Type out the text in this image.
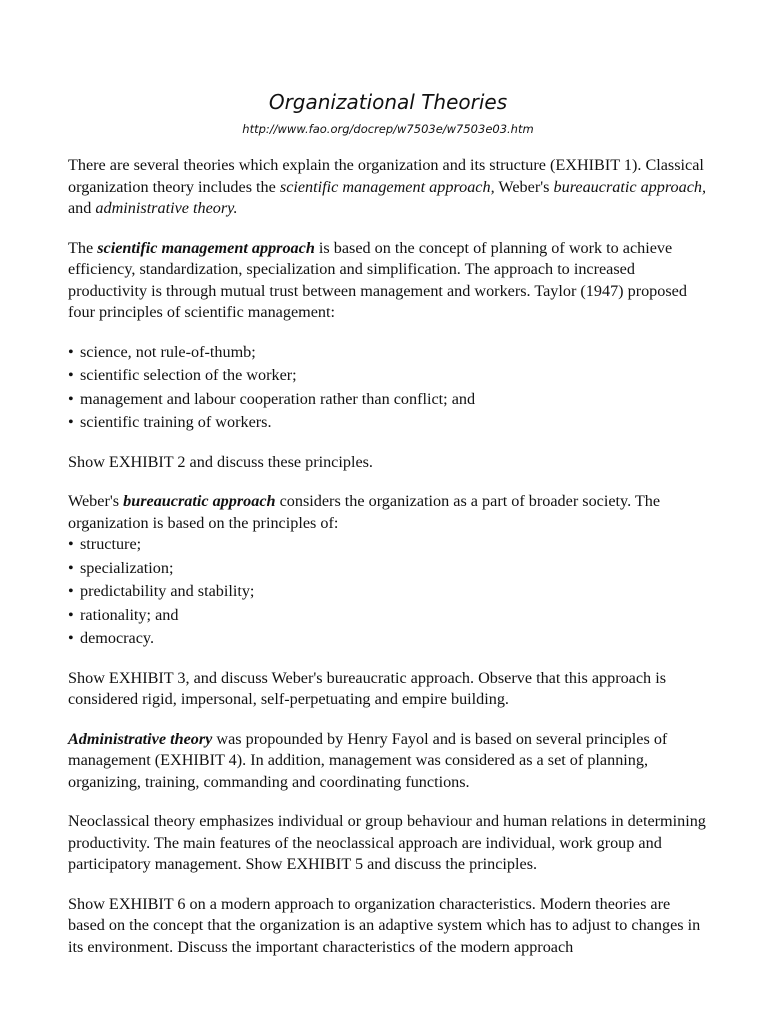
Organizational Theories
http://www.fao.org/docrep/w7503e/w7503e03.htm

There are several theories which explain the organization and its structure (EXHIBIT 1). Classical organization theory includes the scientific management approach, Weber's bureaucratic approach, and administrative theory.

The scientific management approach is based on the concept of planning of work to achieve efficiency, standardization, specialization and simplification. The approach to increased productivity is through mutual trust between management and workers. Taylor (1947) proposed four principles of scientific management:

• science, not rule-of-thumb;
• scientific selection of the worker;
• management and labour cooperation rather than conflict; and
• scientific training of workers.

Show EXHIBIT 2 and discuss these principles.

Weber's bureaucratic approach considers the organization as a part of broader society. The organization is based on the principles of:

• structure;
• specialization;
• predictability and stability;
• rationality; and
• democracy.

Show EXHIBIT 3, and discuss Weber's bureaucratic approach. Observe that this approach is considered rigid, impersonal, self-perpetuating and empire building.

Administrative theory was propounded by Henry Fayol and is based on several principles of management (EXHIBIT 4). In addition, management was considered as a set of planning, organizing, training, commanding and coordinating functions.

Neoclassical theory emphasizes individual or group behaviour and human relations in determining productivity. The main features of the neoclassical approach are individual, work group and participatory management. Show EXHIBIT 5 and discuss the principles.

Show EXHIBIT 6 on a modern approach to organization characteristics. Modern theories are based on the concept that the organization is an adaptive system which has to adjust to changes in its environment. Discuss the important characteristics of the modern approach
